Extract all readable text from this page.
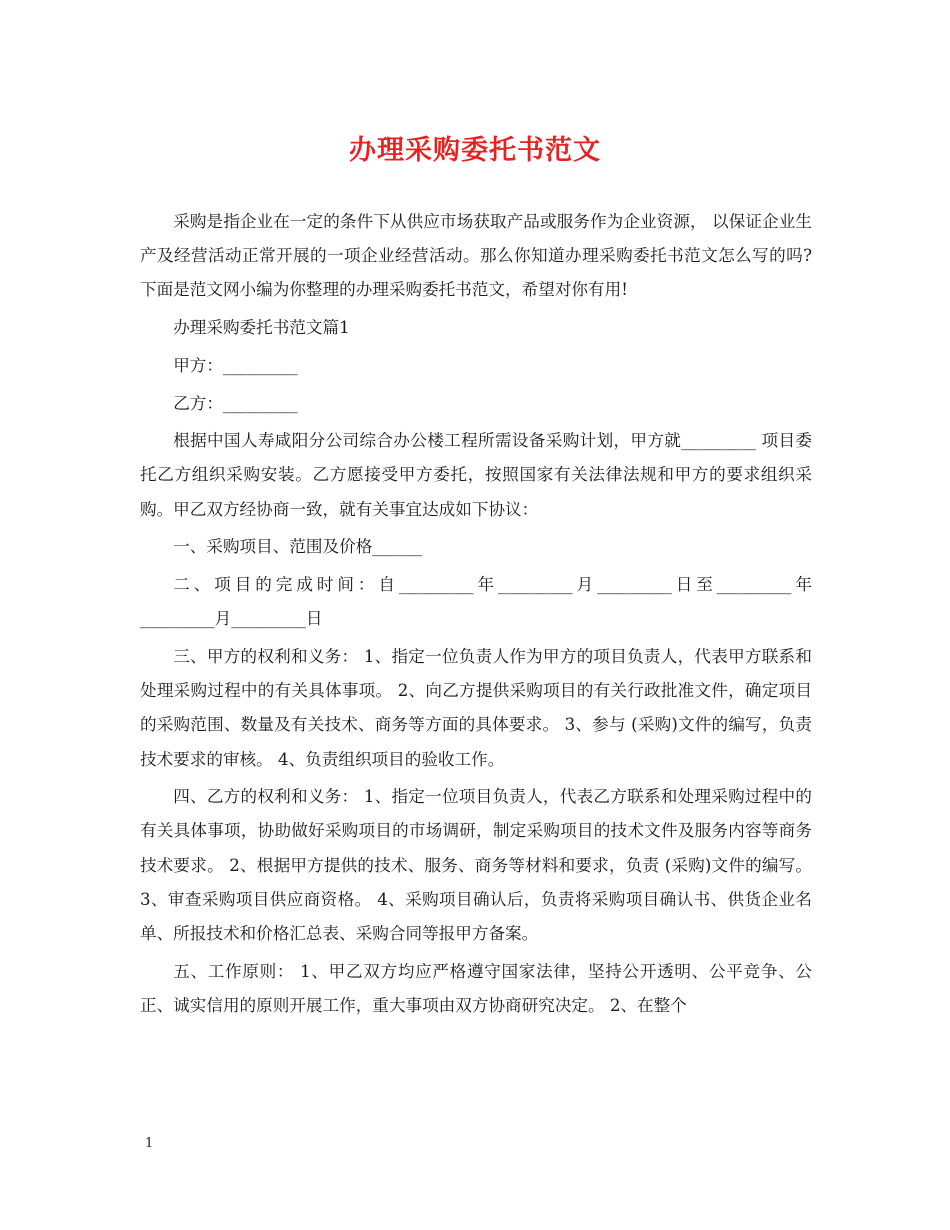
办理采购委托书范文

采购是指企业在一定的条件下从供应市场获取产品或服务作为企业资源， 以保证企业生产及经营活动正常开展的一项企业经营活动。那么你知道办理采购委托书范文怎么写的吗?下面是范文网小编为你整理的办理采购委托书范文，希望对你有用!

办理采购委托书范文篇1

甲方：_________

乙方：_________

根据中国人寿咸阳分公司综合办公楼工程所需设备采购计划，甲方就_________ 项目委托乙方组织采购安装。乙方愿接受甲方委托，按照国家有关法律法规和甲方的要求组织采购。甲乙双方经协商一致，就有关事宜达成如下协议：

一、采购项目、范围及价格______

二、项目的完成时间：自_________年_________月_________日至_________年_________月_________日

三、甲方的权利和义务： 1、指定一位负责人作为甲方的项目负责人，代表甲方联系和处理采购过程中的有关具体事项。 2、向乙方提供采购项目的有关行政批准文件，确定项目的采购范围、数量及有关技术、商务等方面的具体要求。 3、参与 (采购)文件的编写，负责技术要求的审核。 4、负责组织项目的验收工作。

四、乙方的权利和义务： 1、指定一位项目负责人，代表乙方联系和处理采购过程中的有关具体事项，协助做好采购项目的市场调研，制定采购项目的技术文件及服务内容等商务技术要求。 2、根据甲方提供的技术、服务、商务等材料和要求，负责 (采购)文件的编写。 3、审查采购项目供应商资格。 4、采购项目确认后，负责将采购项目确认书、供货企业名单、所报技术和价格汇总表、采购合同等报甲方备案。

五、工作原则： 1、甲乙双方均应严格遵守国家法律，坚持公开透明、公平竞争、公正、诚实信用的原则开展工作，重大事项由双方协商研究决定。 2、在整个

1
